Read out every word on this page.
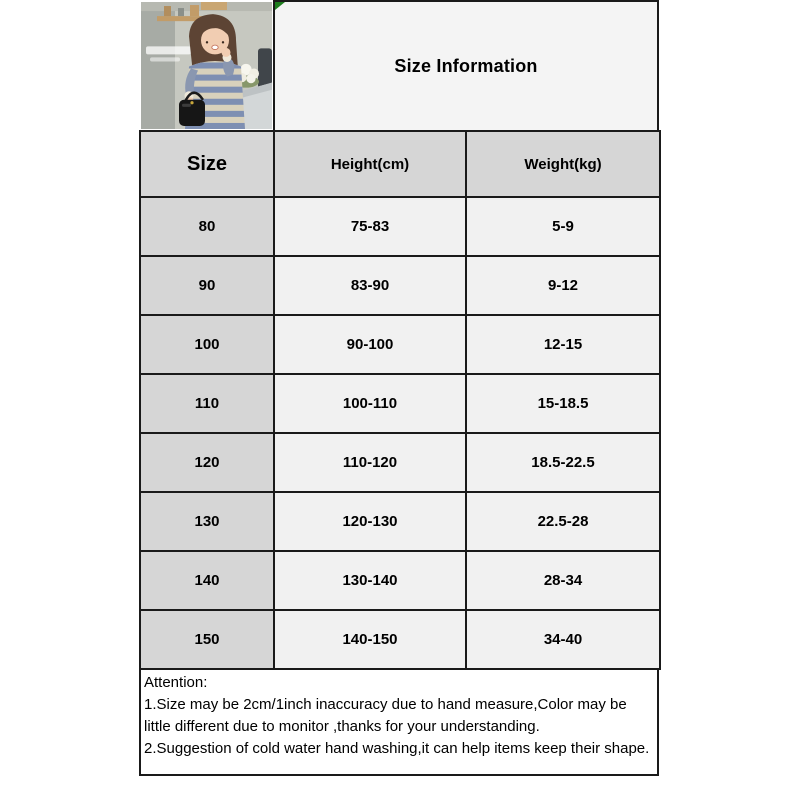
Size Information
Size	Height(cm)	Weight(kg)
80	75-83	5-9
90	83-90	9-12
100	90-100	12-15
110	100-110	15-18.5
120	110-120	18.5-22.5
130	120-130	22.5-28
140	130-140	28-34
150	140-150	34-40
Attention:
1.Size may be 2cm/1inch inaccuracy due to hand measure,Color may be little different due to monitor ,thanks for your understanding.
2.Suggestion of cold water hand washing,it can help items keep their shape.
